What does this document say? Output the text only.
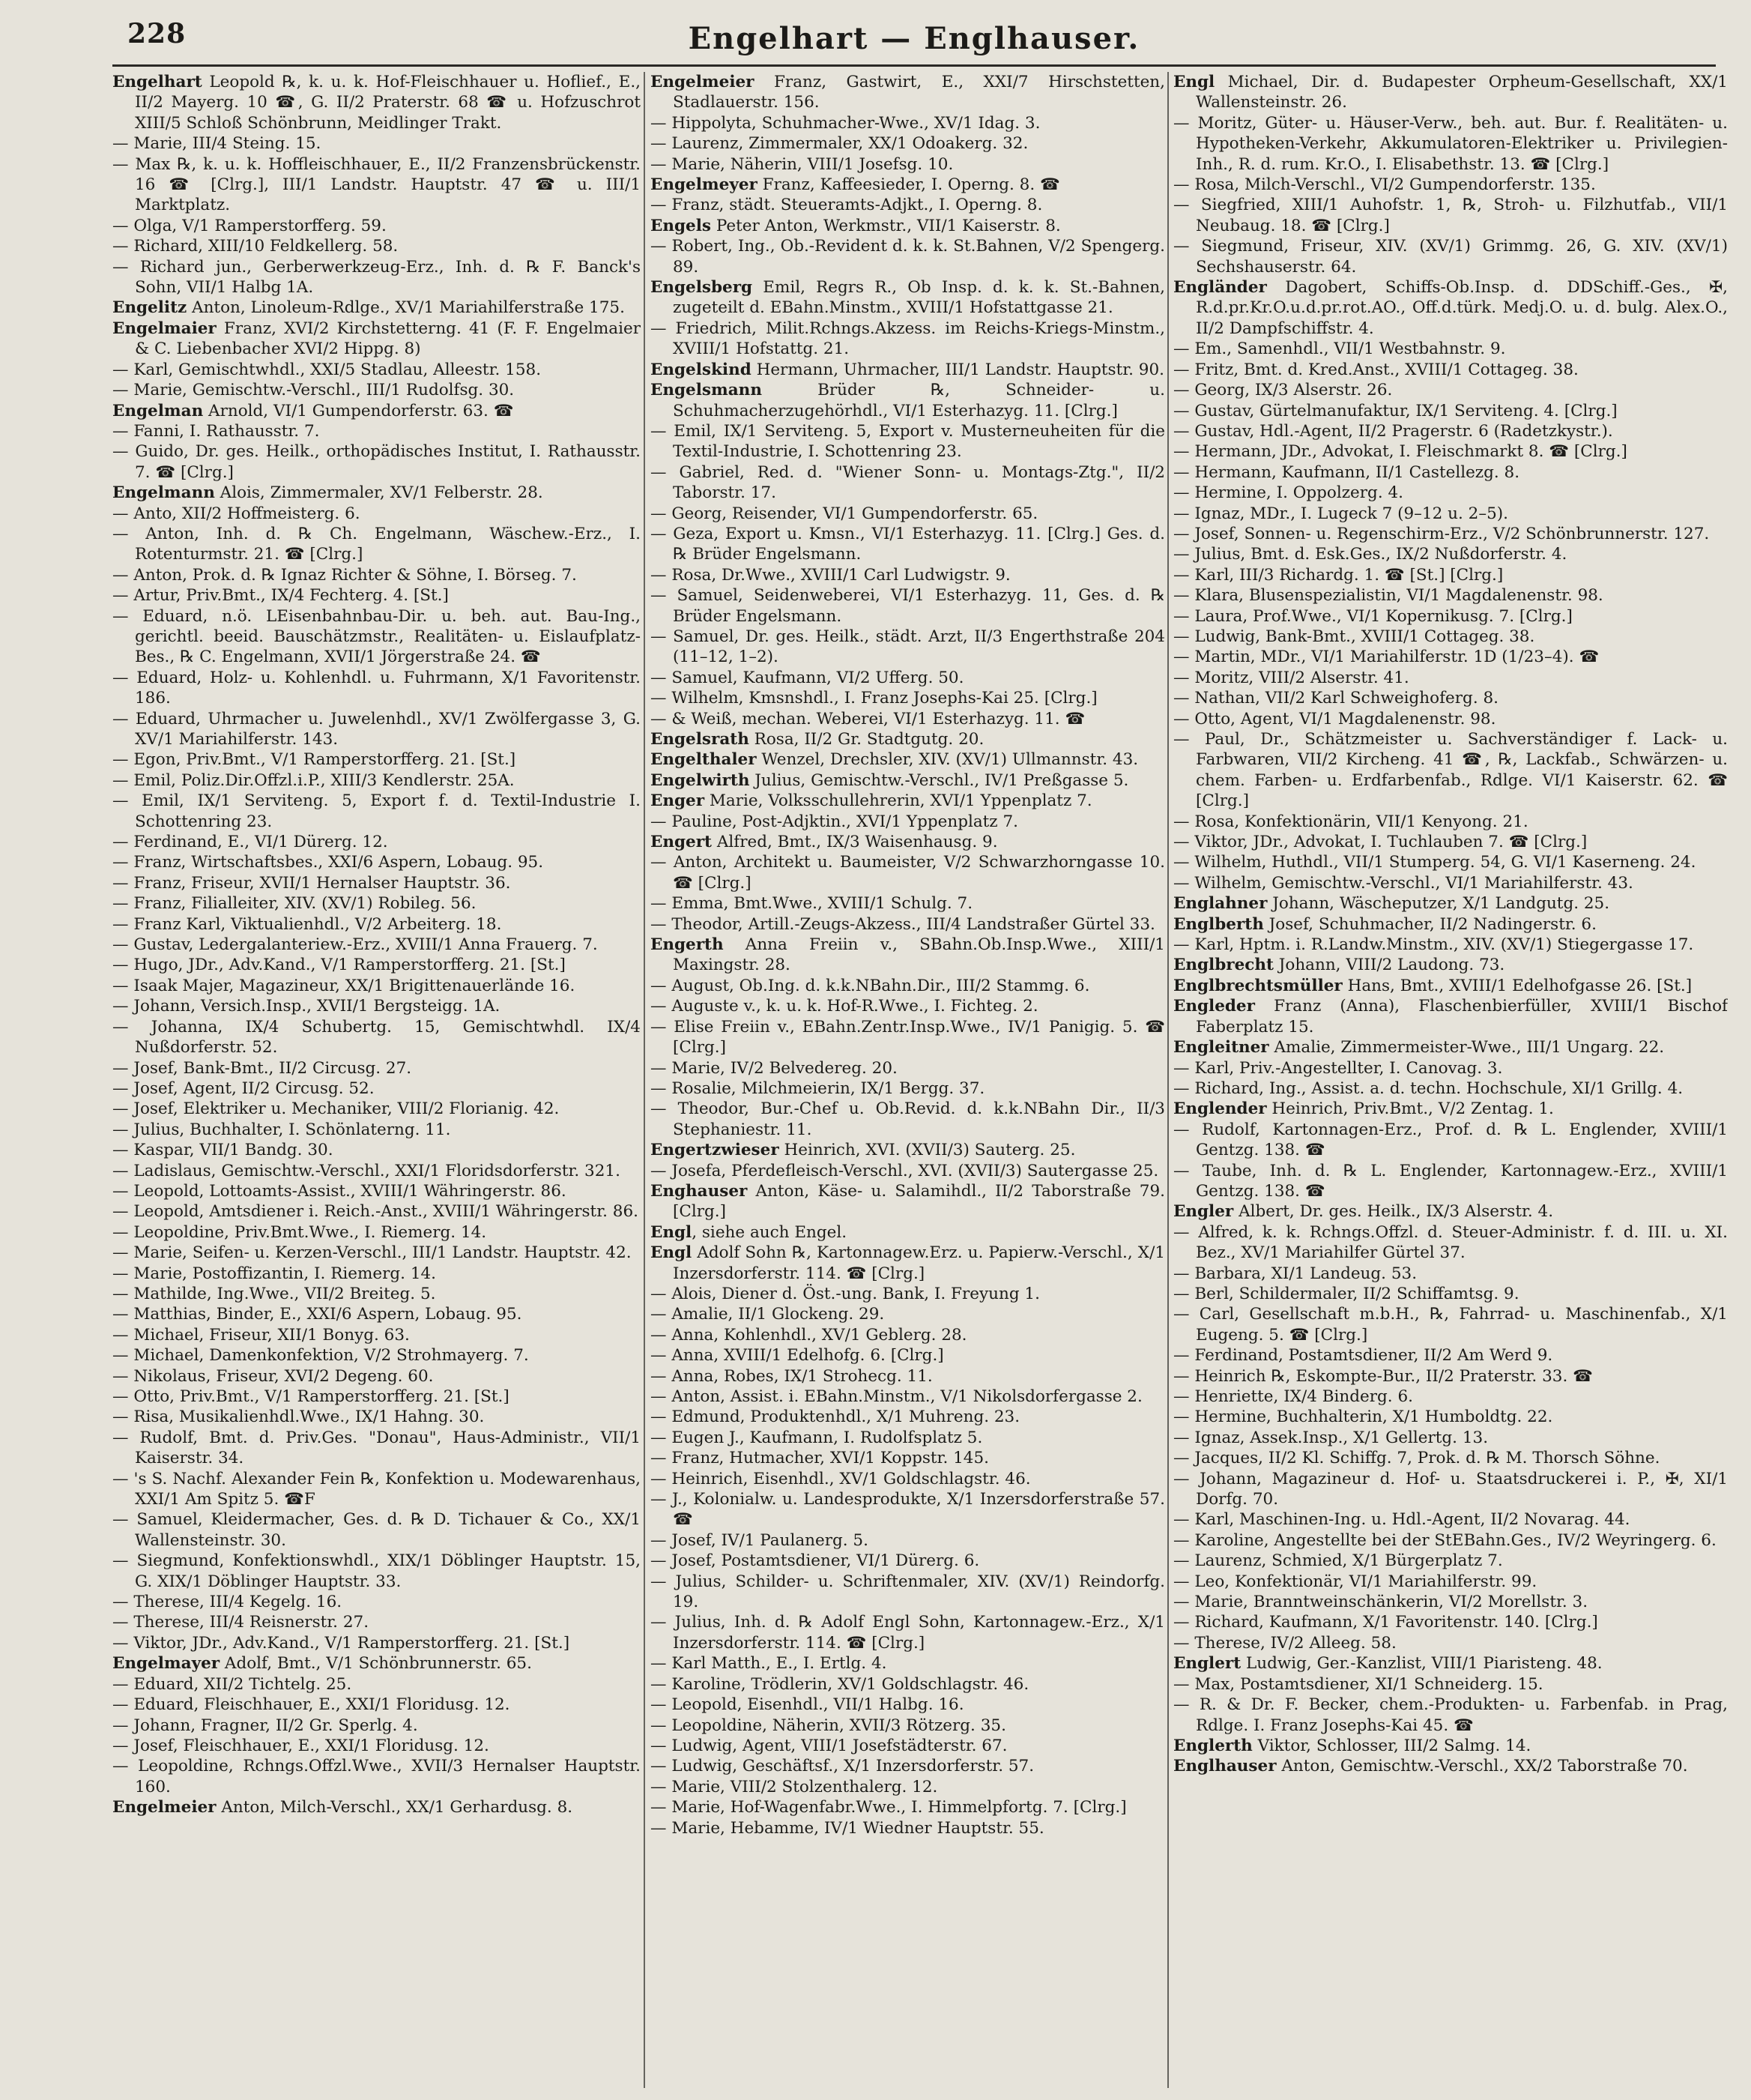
228	Engelhart — Englhauser.

Engelhart Leopold ℞, k. u. k. Hof-Fleischhauer u. Hoflief., E., II/2 Mayerg. 10 ☎, G. II/2 Praterstr. 68 ☎ u. Hofzuschrot XIII/5 Schloß Schönbrunn, Meidlinger Trakt.

— Marie, III/4 Steing. 15.

— Max ℞, k. u. k. Hoffleischhauer, E., II/2 Franzensbrückenstr. 16 ☎ [Clrg.], III/1 Landstr. Hauptstr. 47 ☎ u. III/1 Marktplatz.

— Olga, V/1 Ramperstorfferg. 59.

— Richard, XIII/10 Feldkellerg. 58.

— Richard jun., Gerberwerkzeug-Erz., Inh. d. ℞ F. Banck's Sohn, VII/1 Halbg 1A.

Engelitz Anton, Linoleum-Rdlge., XV/1 Mariahilferstraße 175.

Engelmaier Franz, XVI/2 Kirchstetterng. 41 (F. F. Engelmaier & C. Liebenbacher XVI/2 Hippg. 8)

— Karl, Gemischtwhdl., XXI/5 Stadlau, Alleestr. 158.

— Marie, Gemischtw.-Verschl., III/1 Rudolfsg. 30.

Engelman Arnold, VI/1 Gumpendorferstr. 63. ☎

— Fanni, I. Rathausstr. 7.

— Guido, Dr. ges. Heilk., orthopädisches Institut, I. Rathausstr. 7. ☎ [Clrg.]

Engelmann Alois, Zimmermaler, XV/1 Felberstr. 28.

— Anto, XII/2 Hoffmeisterg. 6.

— Anton, Inh. d. ℞ Ch. Engelmann, Wäschew.-Erz., I. Rotenturmstr. 21. ☎ [Clrg.]

— Anton, Prok. d. ℞ Ignaz Richter & Söhne, I. Börseg. 7.

— Artur, Priv.Bmt., IX/4 Fechterg. 4. [St.]

— Eduard, n.ö. LEisenbahnbau-Dir. u. beh. aut. Bau-Ing., gerichtl. beeid. Bauschätzmstr., Realitäten- u. Eislaufplatz-Bes., ℞ C. Engelmann, XVII/1 Jörgerstraße 24. ☎

— Eduard, Holz- u. Kohlenhdl. u. Fuhrmann, X/1 Favoritenstr. 186.

— Eduard, Uhrmacher u. Juwelenhdl., XV/1 Zwölfergasse 3, G. XV/1 Mariahilferstr. 143.

— Egon, Priv.Bmt., V/1 Ramperstorfferg. 21. [St.]

— Emil, Poliz.Dir.Offzl.i.P., XIII/3 Kendlerstr. 25A.

— Emil, IX/1 Serviteng. 5, Export f. d. Textil-Industrie I. Schottenring 23.

— Ferdinand, E., VI/1 Dürerg. 12.

— Franz, Wirtschaftsbes., XXI/6 Aspern, Lobaug. 95.

— Franz, Friseur, XVII/1 Hernalser Hauptstr. 36.

— Franz, Filialleiter, XIV. (XV/1) Robileg. 56.

— Franz Karl, Viktualienhdl., V/2 Arbeiterg. 18.

— Gustav, Ledergalanteriew.-Erz., XVIII/1 Anna Frauerg. 7.

— Hugo, JDr., Adv.Kand., V/1 Ramperstorfferg. 21. [St.]

— Isaak Majer, Magazineur, XX/1 Brigittenauerlände 16.

— Johann, Versich.Insp., XVII/1 Bergsteigg. 1A.

— Johanna, IX/4 Schubertg. 15, Gemischtwhdl. IX/4 Nußdorferstr. 52.

— Josef, Bank-Bmt., II/2 Circusg. 27.

— Josef, Agent, II/2 Circusg. 52.

— Josef, Elektriker u. Mechaniker, VIII/2 Florianig. 42.

— Julius, Buchhalter, I. Schönlaterng. 11.

— Kaspar, VII/1 Bandg. 30.

— Ladislaus, Gemischtw.-Verschl., XXI/1 Floridsdorferstr. 321.

— Leopold, Lottoamts-Assist., XVIII/1 Währingerstr. 86.

— Leopold, Amtsdiener i. Reich.-Anst., XVIII/1 Währingerstr. 86.

— Leopoldine, Priv.Bmt.Wwe., I. Riemerg. 14.

— Marie, Seifen- u. Kerzen-Verschl., III/1 Landstr. Hauptstr. 42.

— Marie, Postoffizantin, I. Riemerg. 14.

— Mathilde, Ing.Wwe., VII/2 Breiteg. 5.

— Matthias, Binder, E., XXI/6 Aspern, Lobaug. 95.

— Michael, Friseur, XII/1 Bonyg. 63.

— Michael, Damenkonfektion, V/2 Strohmayerg. 7.

— Nikolaus, Friseur, XVI/2 Degeng. 60.

— Otto, Priv.Bmt., V/1 Ramperstorfferg. 21. [St.]

— Risa, Musikalienhdl.Wwe., IX/1 Hahng. 30.

— Rudolf, Bmt. d. Priv.Ges. "Donau", Haus-Administr., VII/1 Kaiserstr. 34.

— 's S. Nachf. Alexander Fein ℞, Konfektion u. Modewarenhaus, XXI/1 Am Spitz 5. ☎F

— Samuel, Kleidermacher, Ges. d. ℞ D. Tichauer & Co., XX/1 Wallensteinstr. 30.

— Siegmund, Konfektionswhdl., XIX/1 Döblinger Hauptstr. 15, G. XIX/1 Döblinger Hauptstr. 33.

— Therese, III/4 Kegelg. 16.

— Therese, III/4 Reisnerstr. 27.

— Viktor, JDr., Adv.Kand., V/1 Ramperstorfferg. 21. [St.]

Engelmayer Adolf, Bmt., V/1 Schönbrunnerstr. 65.

— Eduard, XII/2 Tichtelg. 25.

— Eduard, Fleischhauer, E., XXI/1 Floridusg. 12.

— Johann, Fragner, II/2 Gr. Sperlg. 4.

— Josef, Fleischhauer, E., XXI/1 Floridusg. 12.

— Leopoldine, Rchngs.Offzl.Wwe., XVII/3 Hernalser Hauptstr. 160.

Engelmeier Anton, Milch-Verschl., XX/1 Gerhardusg. 8.

Engelmeier Franz, Gastwirt, E., XXI/7 Hirschstetten, Stadlauerstr. 156.

— Hippolyta, Schuhmacher-Wwe., XV/1 Idag. 3.

— Laurenz, Zimmermaler, XX/1 Odoakerg. 32.

— Marie, Näherin, VIII/1 Josefsg. 10.

Engelmeyer Franz, Kaffeesieder, I. Operng. 8. ☎

— Franz, städt. Steueramts-Adjkt., I. Operng. 8.

Engels Peter Anton, Werkmstr., VII/1 Kaiserstr. 8.

— Robert, Ing., Ob.-Revident d. k. k. St.Bahnen, V/2 Spengerg. 89.

Engelsberg Emil, Regrs R., Ob Insp. d. k. k. St.-Bahnen, zugeteilt d. EBahn.Minstm., XVIII/1 Hofstattgasse 21.

— Friedrich, Milit.Rchngs.Akzess. im Reichs-Kriegs-Minstm., XVIII/1 Hofstattg. 21.

Engelskind Hermann, Uhrmacher, III/1 Landstr. Hauptstr. 90.

Engelsmann Brüder ℞, Schneider- u. Schuhmacherzugehörhdl., VI/1 Esterhazyg. 11. [Clrg.]

— Emil, IX/1 Serviteng. 5, Export v. Musterneuheiten für die Textil-Industrie, I. Schottenring 23.

— Gabriel, Red. d. "Wiener Sonn- u. Montags-Ztg.", II/2 Taborstr. 17.

— Georg, Reisender, VI/1 Gumpendorferstr. 65.

— Geza, Export u. Kmsn., VI/1 Esterhazyg. 11. [Clrg.] Ges. d. ℞ Brüder Engelsmann.

— Rosa, Dr.Wwe., XVIII/1 Carl Ludwigstr. 9.

— Samuel, Seidenweberei, VI/1 Esterhazyg. 11, Ges. d. ℞ Brüder Engelsmann.

— Samuel, Dr. ges. Heilk., städt. Arzt, II/3 Engerthstraße 204 (11–12, 1–2).

— Samuel, Kaufmann, VI/2 Ufferg. 50.

— Wilhelm, Kmsnshdl., I. Franz Josephs-Kai 25. [Clrg.]

— & Weiß, mechan. Weberei, VI/1 Esterhazyg. 11. ☎

Engelsrath Rosa, II/2 Gr. Stadtgutg. 20.

Engelthaler Wenzel, Drechsler, XIV. (XV/1) Ullmannstr. 43.

Engelwirth Julius, Gemischtw.-Verschl., IV/1 Preßgasse 5.

Enger Marie, Volksschullehrerin, XVI/1 Yppenplatz 7.

— Pauline, Post-Adjktin., XVI/1 Yppenplatz 7.

Engert Alfred, Bmt., IX/3 Waisenhausg. 9.

— Anton, Architekt u. Baumeister, V/2 Schwarzhorngasse 10. ☎ [Clrg.]

— Emma, Bmt.Wwe., XVIII/1 Schulg. 7.

— Theodor, Artill.-Zeugs-Akzess., III/4 Landstraßer Gürtel 33.

Engerth Anna Freiin v., SBahn.Ob.Insp.Wwe., XIII/1 Maxingstr. 28.

— August, Ob.Ing. d. k.k.NBahn.Dir., III/2 Stammg. 6.

— Auguste v., k. u. k. Hof-R.Wwe., I. Fichteg. 2.

— Elise Freiin v., EBahn.Zentr.Insp.Wwe., IV/1 Panigig. 5. ☎ [Clrg.]

— Marie, IV/2 Belvedereg. 20.

— Rosalie, Milchmeierin, IX/1 Bergg. 37.

— Theodor, Bur.-Chef u. Ob.Revid. d. k.k.NBahn Dir., II/3 Stephaniestr. 11.

Engertzwieser Heinrich, XVI. (XVII/3) Sauterg. 25.

— Josefa, Pferdefleisch-Verschl., XVI. (XVII/3) Sautergasse 25.

Enghauser Anton, Käse- u. Salamihdl., II/2 Taborstraße 79. [Clrg.]

Engl, siehe auch Engel.

Engl Adolf Sohn ℞, Kartonnagew.Erz. u. Papierw.-Verschl., X/1 Inzersdorferstr. 114. ☎ [Clrg.]

— Alois, Diener d. Öst.-ung. Bank, I. Freyung 1.

— Amalie, II/1 Glockeng. 29.

— Anna, Kohlenhdl., XV/1 Geblerg. 28.

— Anna, XVIII/1 Edelhofg. 6. [Clrg.]

— Anna, Robes, IX/1 Strohecg. 11.

— Anton, Assist. i. EBahn.Minstm., V/1 Nikolsdorfergasse 2.

— Edmund, Produktenhdl., X/1 Muhreng. 23.

— Eugen J., Kaufmann, I. Rudolfsplatz 5.

— Franz, Hutmacher, XVI/1 Koppstr. 145.

— Heinrich, Eisenhdl., XV/1 Goldschlagstr. 46.

— J., Kolonialw. u. Landesprodukte, X/1 Inzersdorferstraße 57. ☎

— Josef, IV/1 Paulanerg. 5.

— Josef, Postamtsdiener, VI/1 Dürerg. 6.

— Julius, Schilder- u. Schriftenmaler, XIV. (XV/1) Reindorfg. 19.

— Julius, Inh. d. ℞ Adolf Engl Sohn, Kartonnagew.-Erz., X/1 Inzersdorferstr. 114. ☎ [Clrg.]

— Karl Matth., E., I. Ertlg. 4.

— Karoline, Trödlerin, XV/1 Goldschlagstr. 46.

— Leopold, Eisenhdl., VII/1 Halbg. 16.

— Leopoldine, Näherin, XVII/3 Rötzerg. 35.

— Ludwig, Agent, VIII/1 Josefstädterstr. 67.

— Ludwig, Geschäftsf., X/1 Inzersdorferstr. 57.

— Marie, VIII/2 Stolzenthalerg. 12.

— Marie, Hof-Wagenfabr.Wwe., I. Himmelpfortg. 7. [Clrg.]

— Marie, Hebamme, IV/1 Wiedner Hauptstr. 55.

Engl Michael, Dir. d. Budapester Orpheum-Gesellschaft, XX/1 Wallensteinstr. 26.

— Moritz, Güter- u. Häuser-Verw., beh. aut. Bur. f. Realitäten- u. Hypotheken-Verkehr, Akkumulatoren-Elektriker u. Privilegien-Inh., R. d. rum. Kr.O., I. Elisabethstr. 13. ☎ [Clrg.]

— Rosa, Milch-Verschl., VI/2 Gumpendorferstr. 135.

— Siegfried, XIII/1 Auhofstr. 1, ℞, Stroh- u. Filzhutfab., VII/1 Neubaug. 18. ☎ [Clrg.]

— Siegmund, Friseur, XIV. (XV/1) Grimmg. 26, G. XIV. (XV/1) Sechshauserstr. 64.

Engländer Dagobert, Schiffs-Ob.Insp. d. DDSchiff.-Ges., ✠, R.d.pr.Kr.O.u.d.pr.rot.AO., Off.d.türk. Medj.O. u. d. bulg. Alex.O., II/2 Dampfschiffstr. 4.

— Em., Samenhdl., VII/1 Westbahnstr. 9.

— Fritz, Bmt. d. Kred.Anst., XVIII/1 Cottageg. 38.

— Georg, IX/3 Alserstr. 26.

— Gustav, Gürtelmanufaktur, IX/1 Serviteng. 4. [Clrg.]

— Gustav, Hdl.-Agent, II/2 Pragerstr. 6 (Radetzkystr.).

— Hermann, JDr., Advokat, I. Fleischmarkt 8. ☎ [Clrg.]

— Hermann, Kaufmann, II/1 Castellezg. 8.

— Hermine, I. Oppolzerg. 4.

— Ignaz, MDr., I. Lugeck 7 (9–12 u. 2–5).

— Josef, Sonnen- u. Regenschirm-Erz., V/2 Schönbrunnerstr. 127.

— Julius, Bmt. d. Esk.Ges., IX/2 Nußdorferstr. 4.

— Karl, III/3 Richardg. 1. ☎ [St.] [Clrg.]

— Klara, Blusenspezialistin, VI/1 Magdalenenstr. 98.

— Laura, Prof.Wwe., VI/1 Kopernikusg. 7. [Clrg.]

— Ludwig, Bank-Bmt., XVIII/1 Cottageg. 38.

— Martin, MDr., VI/1 Mariahilferstr. 1D (1/23–4). ☎

— Moritz, VIII/2 Alserstr. 41.

— Nathan, VII/2 Karl Schweighoferg. 8.

— Otto, Agent, VI/1 Magdalenenstr. 98.

— Paul, Dr., Schätzmeister u. Sachverständiger f. Lack- u. Farbwaren, VII/2 Kircheng. 41 ☎, ℞, Lackfab., Schwärzen- u. chem. Farben- u. Erdfarbenfab., Rdlge. VI/1 Kaiserstr. 62. ☎ [Clrg.]

— Rosa, Konfektionärin, VII/1 Kenyong. 21.

— Viktor, JDr., Advokat, I. Tuchlauben 7. ☎ [Clrg.]

— Wilhelm, Huthdl., VII/1 Stumperg. 54, G. VI/1 Kaserneng. 24.

— Wilhelm, Gemischtw.-Verschl., VI/1 Mariahilferstr. 43.

Englahner Johann, Wäscheputzer, X/1 Landgutg. 25.

Englberth Josef, Schuhmacher, II/2 Nadingerstr. 6.

— Karl, Hptm. i. R.Landw.Minstm., XIV. (XV/1) Stiegergasse 17.

Englbrecht Johann, VIII/2 Laudong. 73.

Englbrechtsmüller Hans, Bmt., XVIII/1 Edelhofgasse 26. [St.]

Engleder Franz (Anna), Flaschenbierfüller, XVIII/1 Bischof Faberplatz 15.

Engleitner Amalie, Zimmermeister-Wwe., III/1 Ungarg. 22.

— Karl, Priv.-Angestellter, I. Canovag. 3.

— Richard, Ing., Assist. a. d. techn. Hochschule, XI/1 Grillg. 4.

Englender Heinrich, Priv.Bmt., V/2 Zentag. 1.

— Rudolf, Kartonnagen-Erz., Prof. d. ℞ L. Englender, XVIII/1 Gentzg. 138. ☎

— Taube, Inh. d. ℞ L. Englender, Kartonnagew.-Erz., XVIII/1 Gentzg. 138. ☎

Engler Albert, Dr. ges. Heilk., IX/3 Alserstr. 4.

— Alfred, k. k. Rchngs.Offzl. d. Steuer-Administr. f. d. III. u. XI. Bez., XV/1 Mariahilfer Gürtel 37.

— Barbara, XI/1 Landeug. 53.

— Berl, Schildermaler, II/2 Schiffamtsg. 9.

— Carl, Gesellschaft m.b.H., ℞, Fahrrad- u. Maschinenfab., X/1 Eugeng. 5. ☎ [Clrg.]

— Ferdinand, Postamtsdiener, II/2 Am Werd 9.

— Heinrich ℞, Eskompte-Bur., II/2 Praterstr. 33. ☎

— Henriette, IX/4 Binderg. 6.

— Hermine, Buchhalterin, X/1 Humboldtg. 22.

— Ignaz, Assek.Insp., X/1 Gellertg. 13.

— Jacques, II/2 Kl. Schiffg. 7, Prok. d. ℞ M. Thorsch Söhne.

— Johann, Magazineur d. Hof- u. Staatsdruckerei i. P., ✠, XI/1 Dorfg. 70.

— Karl, Maschinen-Ing. u. Hdl.-Agent, II/2 Novarag. 44.

— Karoline, Angestellte bei der StEBahn.Ges., IV/2 Weyringerg. 6.

— Laurenz, Schmied, X/1 Bürgerplatz 7.

— Leo, Konfektionär, VI/1 Mariahilferstr. 99.

— Marie, Branntweinschänkerin, VI/2 Morellstr. 3.

— Richard, Kaufmann, X/1 Favoritenstr. 140. [Clrg.]

— Therese, IV/2 Alleeg. 58.

Englert Ludwig, Ger.-Kanzlist, VIII/1 Piaristeng. 48.

— Max, Postamtsdiener, XI/1 Schneiderg. 15.

— R. & Dr. F. Becker, chem.-Produkten- u. Farbenfab. in Prag, Rdlge. I. Franz Josephs-Kai 45. ☎

Englerth Viktor, Schlosser, III/2 Salmg. 14.

Englhauser Anton, Gemischtw.-Verschl., XX/2 Taborstraße 70.
